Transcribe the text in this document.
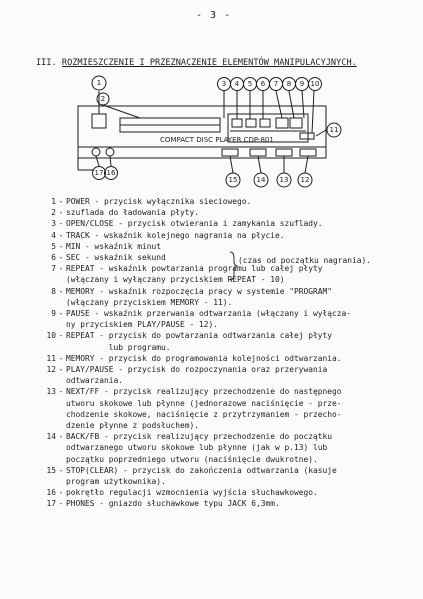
- 3 -
III. ROZMIESZCZENIE I PRZEZNACZENIE ELEMENTÓW MANIPULACYJNYCH.
COMPACT DISC PLAYER CDP-801
1
2
3 4 5 6 7 8 9 10
11
17 16
15	14 13 12
1 - POWER - przycisk wyłącznika sieciowego.
2 - szuflada do ładowania płyty.
3 - OPEN/CLOSE - przycisk otwierania i zamykania szuflady.
4 - TRACK - wskaźnik kolejnego nagrania na płycie.
5 - MIN - wskaźnik minut
6 - SEC - wskaźnik sekund
7 - REPEAT - wskaźnik powtarzania programu lub całej płyty
(włączany i wyłączany przyciskiem REPEAT - 10)
8 - MEMORY - wskaźnik rozpoczęcia pracy w systemie "PROGRAM"
(włączany przyciskiem MEMORY - 11).
9 - PAUSE - wskaźnik przerwania odtwarzania (włączany i wyłącza-
ny przyciskiem PLAY/PAUSE - 12).
10 - REPEAT - przycisk do powtarzania odtwarzania całej płyty
lub programu.
11 - MEMORY - przycisk do programowania kolejności odtwarzania.
12 - PLAY/PAUSE - przycisk do rozpoczynania oraz przerywania
odtwarzania.
13 - NEXT/FF - przycisk realizujący przechodzenie do następnego
utworu skokowe lub płynne (jednorazowe naciśnięcie - prze-
chodzenie skokowe, naciśnięcie z przytrzymaniem - przecho-
dzenie płynne z podsłuchem).
14 - BACK/FB - przycisk realizujący przechodzenie do początku
odtwarzanego utworu skokowe lub płynne (jak w p.13) lub
początku poprzedniego utworu (naciśnięcie dwukrotne).
15 - STOP(CLEAR) - przycisk do zakończenia odtwarzania (kasuje
program użytkownika).
16 - pokrętło regulacji wzmocnienia wyjścia słuchawkowego.
17 - PHONES - gniazdo słuchawkowe typu JACK 6,3mm.
(czas od początku nagrania).
